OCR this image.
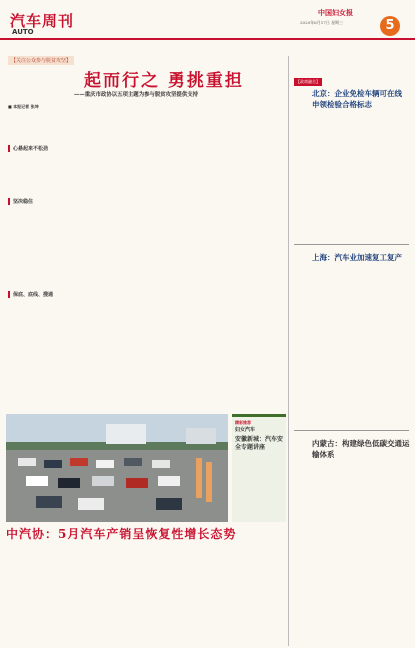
汽车周刊
AUTO
中国妇女报
2020年6月17日 星期三	5
【关注公众参与脱贫攻坚】
起而行之 勇挑重担
——重庆市政协以五项主题为参与脱贫攻坚提供支持
■ 本报记者 张坤
心悬起来不松劲
坚决稳住
保底、底线、搜通
精彩推荐
妇女汽车
安徽新城：汽车安全专题讲座
中汽协：5月汽车产销呈恢复性增长态势
【政商融合】
北京：企业免检车辆可在线申领检验合格标志
上海：汽车业加速复工复产
内蒙古：构建绿色低碳交通运输体系
